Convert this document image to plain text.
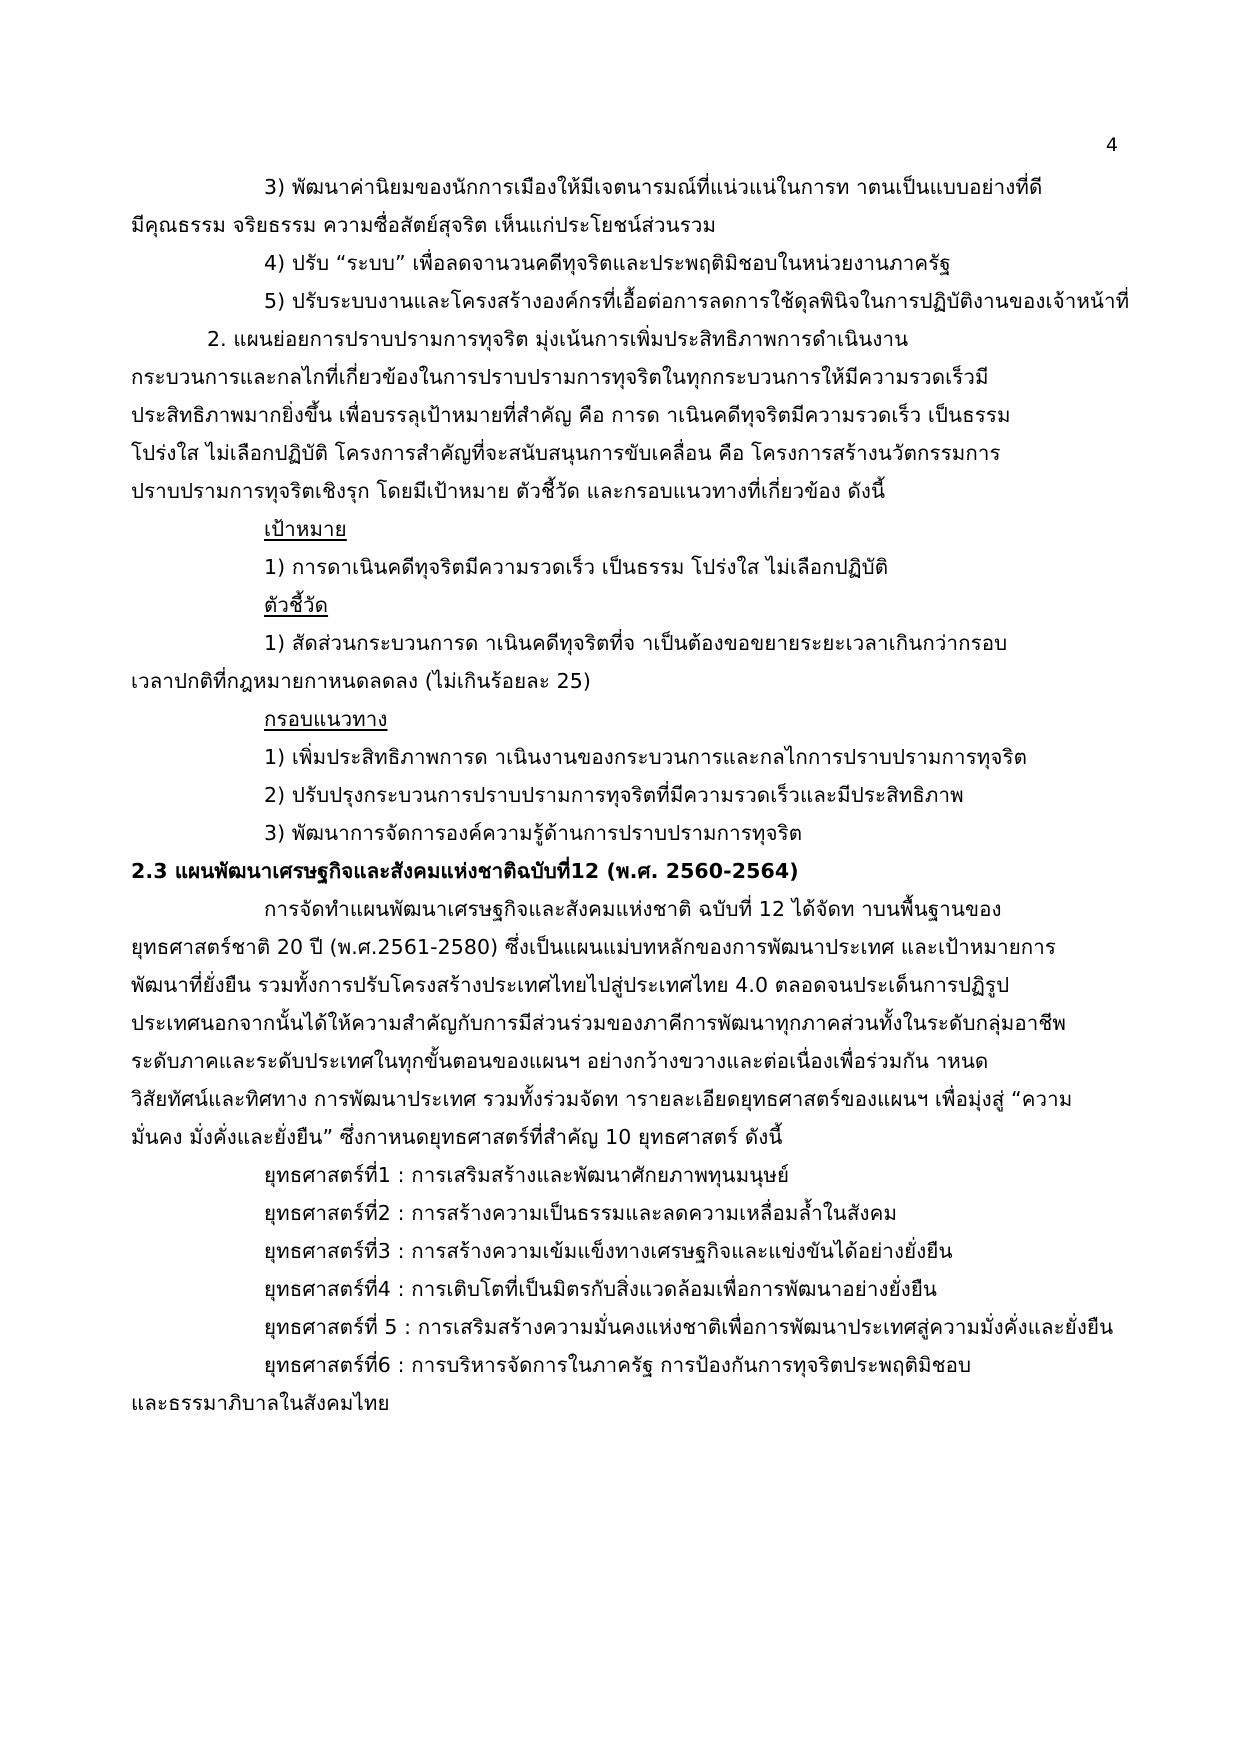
4
3) พัฒนาค่านิยมของนักการเมืองให้มีเจตนารมณ์ที่แน่วแน่ในการท าตนเป็นแบบอย่างที่ดี
มีคุณธรรม จริยธรรม ความซื่อสัตย์สุจริต เห็นแก่ประโยชน์ส่วนรวม
4) ปรับ “ระบบ” เพื่อลดจานวนคดีทุจริตและประพฤติมิชอบในหน่วยงานภาครัฐ
5) ปรับระบบงานและโครงสร้างองค์กรที่เอื้อต่อการลดการใช้ดุลพินิจในการปฏิบัติงานของเจ้าหน้าที่
2. แผนย่อยการปราบปรามการทุจริต มุ่งเน้นการเพิ่มประสิทธิภาพการดำเนินงาน
กระบวนการและกลไกที่เกี่ยวข้องในการปราบปรามการทุจริตในทุกกระบวนการให้มีความรวดเร็วมี
ประสิทธิภาพมากยิ่งขึ้น เพื่อบรรลุเป้าหมายที่สำคัญ คือ การด าเนินคดีทุจริตมีความรวดเร็ว เป็นธรรม
โปร่งใส ไม่เลือกปฏิบัติ โครงการสำคัญที่จะสนับสนุนการขับเคลื่อน คือ โครงการสร้างนวัตกรรมการ
ปราบปรามการทุจริตเชิงรุก โดยมีเป้าหมาย ตัวชี้วัด และกรอบแนวทางที่เกี่ยวข้อง ดังนี้
เป้าหมาย
1) การดาเนินคดีทุจริตมีความรวดเร็ว เป็นธรรม โปร่งใส ไม่เลือกปฏิบัติ
ตัวชี้วัด
1) สัดส่วนกระบวนการด าเนินคดีทุจริตที่จ าเป็นต้องขอขยายระยะเวลาเกินกว่ากรอบ
เวลาปกติที่กฎหมายกาหนดลดลง (ไม่เกินร้อยละ 25)
กรอบแนวทาง
1) เพิ่มประสิทธิภาพการด าเนินงานของกระบวนการและกลไกการปราบปรามการทุจริต
2) ปรับปรุงกระบวนการปราบปรามการทุจริตที่มีความรวดเร็วและมีประสิทธิภาพ
3) พัฒนาการจัดการองค์ความรู้ด้านการปราบปรามการทุจริต
2.3 แผนพัฒนาเศรษฐกิจและสังคมแห่งชาติฉบับที่12 (พ.ศ. 2560-2564)
การจัดทำแผนพัฒนาเศรษฐกิจและสังคมแห่งชาติ ฉบับที่ 12 ได้จัดท าบนพื้นฐานของ
ยุทธศาสตร์ชาติ 20 ปี (พ.ศ.2561-2580) ซึ่งเป็นแผนแม่บทหลักของการพัฒนาประเทศ และเป้าหมายการ
พัฒนาที่ยั่งยืน รวมทั้งการปรับโครงสร้างประเทศไทยไปสู่ประเทศไทย 4.0 ตลอดจนประเด็นการปฏิรูป
ประเทศนอกจากนั้นได้ให้ความสำคัญกับการมีส่วนร่วมของภาคีการพัฒนาทุกภาคส่วนทั้งในระดับกลุ่มอาชีพ
ระดับภาคและระดับประเทศในทุกขั้นตอนของแผนฯ อย่างกว้างขวางและต่อเนื่องเพื่อร่วมกัน าหนด
วิสัยทัศน์และทิศทาง การพัฒนาประเทศ รวมทั้งร่วมจัดท ารายละเอียดยุทธศาสตร์ของแผนฯ เพื่อมุ่งสู่ “ความ
มั่นคง มั่งคั่งและยั่งยืน” ซึ่งกาหนดยุทธศาสตร์ที่สำคัญ 10 ยุทธศาสตร์ ดังนี้
ยุทธศาสตร์ที่1 : การเสริมสร้างและพัฒนาศักยภาพทุนมนุษย์
ยุทธศาสตร์ที่2 : การสร้างความเป็นธรรมและลดความเหลื่อมล้ำในสังคม
ยุทธศาสตร์ที่3 : การสร้างความเข้มแข็งทางเศรษฐกิจและแข่งขันได้อย่างยั่งยืน
ยุทธศาสตร์ที่4 : การเติบโตที่เป็นมิตรกับสิ่งแวดล้อมเพื่อการพัฒนาอย่างยั่งยืน
ยุทธศาสตร์ที่ 5 : การเสริมสร้างความมั่นคงแห่งชาติเพื่อการพัฒนาประเทศสู่ความมั่งคั่งและยั่งยืน
ยุทธศาสตร์ที่6 : การบริหารจัดการในภาครัฐ การป้องกันการทุจริตประพฤติมิชอบ
และธรรมาภิบาลในสังคมไทย
